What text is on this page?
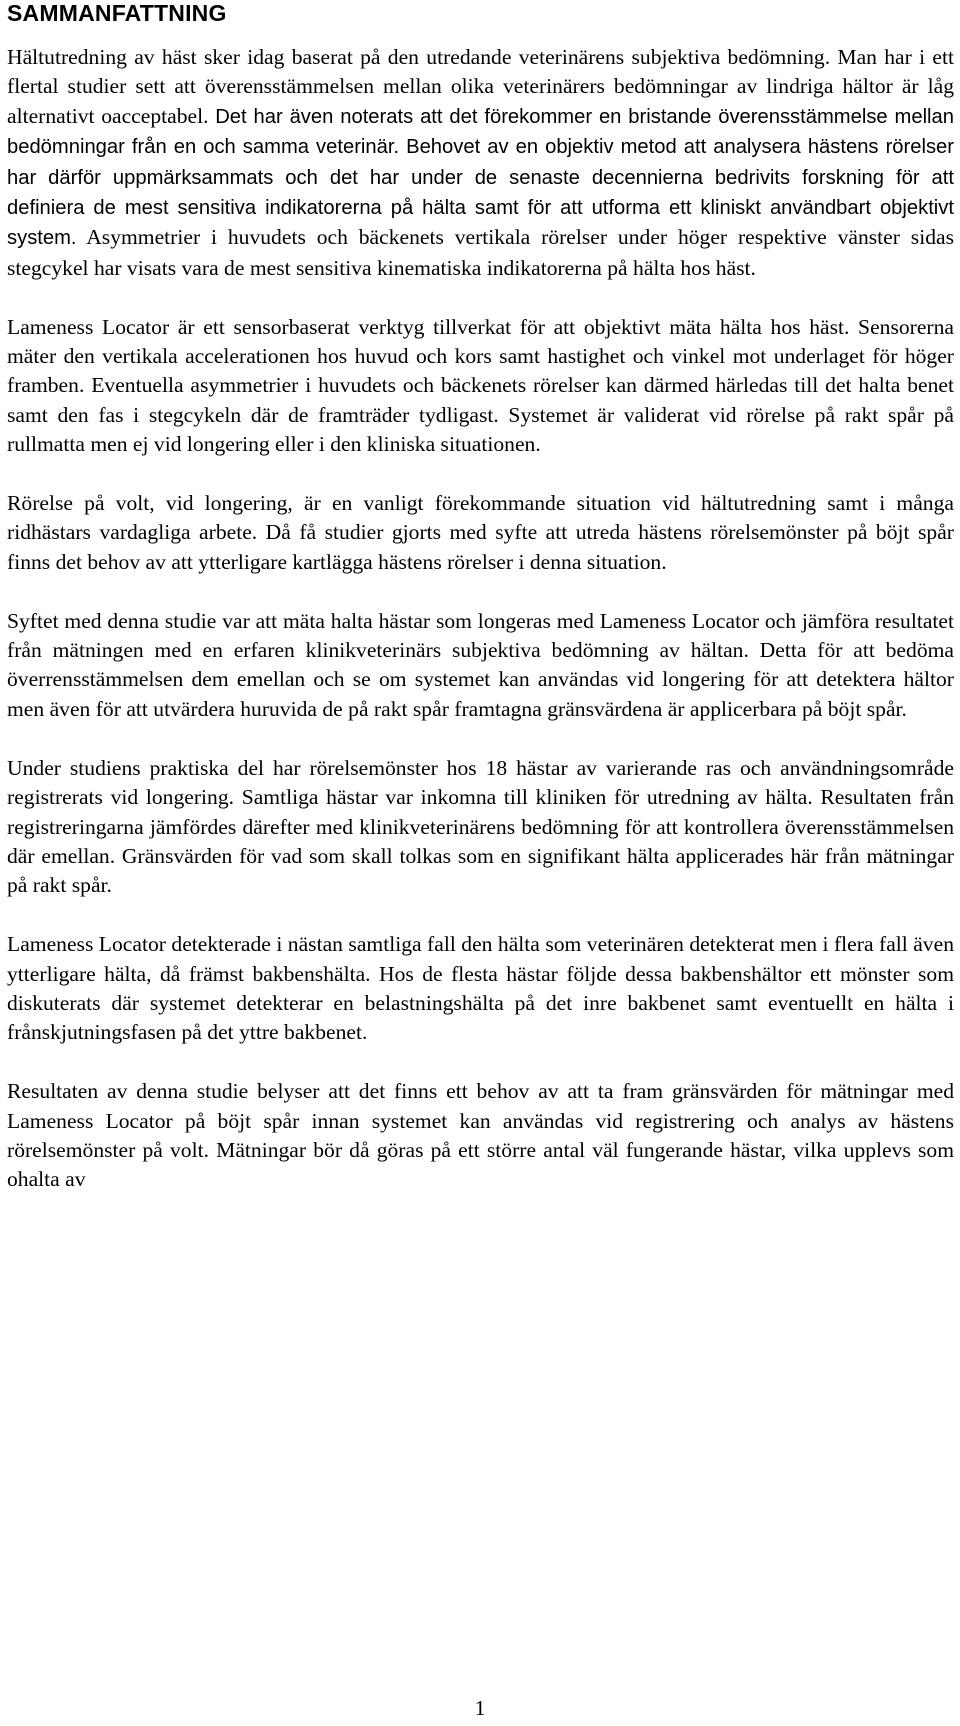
SAMMANFATTNING

Hältutredning av häst sker idag baserat på den utredande veterinärens subjektiva bedömning. Man har i ett flertal studier sett att överensstämmelsen mellan olika veterinärers bedömningar av lindriga hältor är låg alternativt oacceptabel. Det har även noterats att det förekommer en bristande överensstämmelse mellan bedömningar från en och samma veterinär. Behovet av en objektiv metod att analysera hästens rörelser har därför uppmärksammats och det har under de senaste decennierna bedrivits forskning för att definiera de mest sensitiva indikatorerna på hälta samt för att utforma ett kliniskt användbart objektivt system. Asymmetrier i huvudets och bäckenets vertikala rörelser under höger respektive vänster sidas stegcykel har visats vara de mest sensitiva kinematiska indikatorerna på hälta hos häst.

Lameness Locator är ett sensorbaserat verktyg tillverkat för att objektivt mäta hälta hos häst. Sensorerna mäter den vertikala accelerationen hos huvud och kors samt hastighet och vinkel mot underlaget för höger framben. Eventuella asymmetrier i huvudets och bäckenets rörelser kan därmed härledas till det halta benet samt den fas i stegcykeln där de framträder tydligast. Systemet är validerat vid rörelse på rakt spår på rullmatta men ej vid longering eller i den kliniska situationen.

Rörelse på volt, vid longering, är en vanligt förekommande situation vid hältutredning samt i många ridhästars vardagliga arbete. Då få studier gjorts med syfte att utreda hästens rörelsemönster på böjt spår finns det behov av att ytterligare kartlägga hästens rörelser i denna situation.

Syftet med denna studie var att mäta halta hästar som longeras med Lameness Locator och jämföra resultatet från mätningen med en erfaren klinikveterinärs subjektiva bedömning av hältan. Detta för att bedöma överrensstämmelsen dem emellan och se om systemet kan användas vid longering för att detektera hältor men även för att utvärdera huruvida de på rakt spår framtagna gränsvärdena är applicerbara på böjt spår.

Under studiens praktiska del har rörelsemönster hos 18 hästar av varierande ras och användningsområde registrerats vid longering. Samtliga hästar var inkomna till kliniken för utredning av hälta. Resultaten från registreringarna jämfördes därefter med klinikveterinärens bedömning för att kontrollera överensstämmelsen där emellan. Gränsvärden för vad som skall tolkas som en signifikant hälta applicerades här från mätningar på rakt spår.

Lameness Locator detekterade i nästan samtliga fall den hälta som veterinären detekterat men i flera fall även ytterligare hälta, då främst bakbenshälta. Hos de flesta hästar följde dessa bakbenshältor ett mönster som diskuterats där systemet detekterar en belastningshälta på det inre bakbenet samt eventuellt en hälta i frånskjutningsfasen på det yttre bakbenet.

Resultaten av denna studie belyser att det finns ett behov av att ta fram gränsvärden för mätningar med Lameness Locator på böjt spår innan systemet kan användas vid registrering och analys av hästens rörelsemönster på volt. Mätningar bör då göras på ett större antal väl fungerande hästar, vilka upplevs som ohalta av

1
